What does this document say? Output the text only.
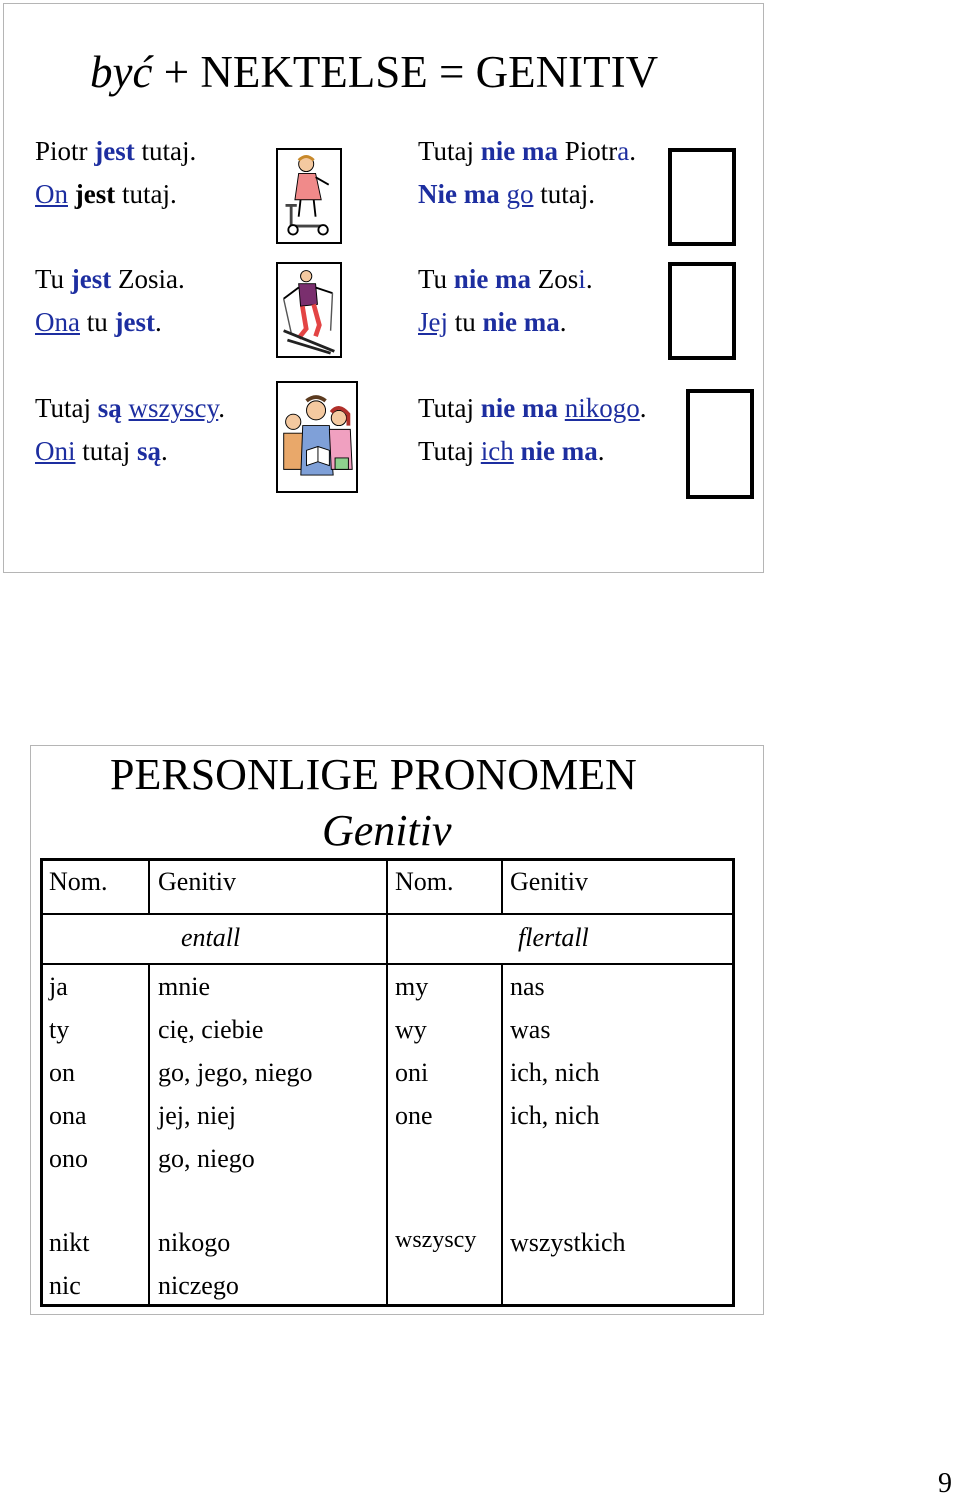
być + NEKTELSE = GENITIV
Piotr jest tutaj.
On jest tutaj.
Tutaj nie ma Piotra.
Nie ma go tutaj.
Tu jest Zosia.
Ona tu jest.
Tu nie ma Zosi.
Jej tu nie ma.
Tutaj są wszyscy.
Oni tutaj są.
Tutaj nie ma nikogo.
Tutaj ich nie ma.
PERSONLIGE PRONOMEN
Genitiv
Nom. Genitiv	Nom. Genitiv
entall	flertall
ja
ty
on
ona
ono
mnie
cię, ciebie
go, jego, niego
jej, niej
go, niego
my
wy
oni
one
nas
was
ich, nich
ich, nich
nikt
nic
nikogo
niczego
wszyscy wszystkich
9
